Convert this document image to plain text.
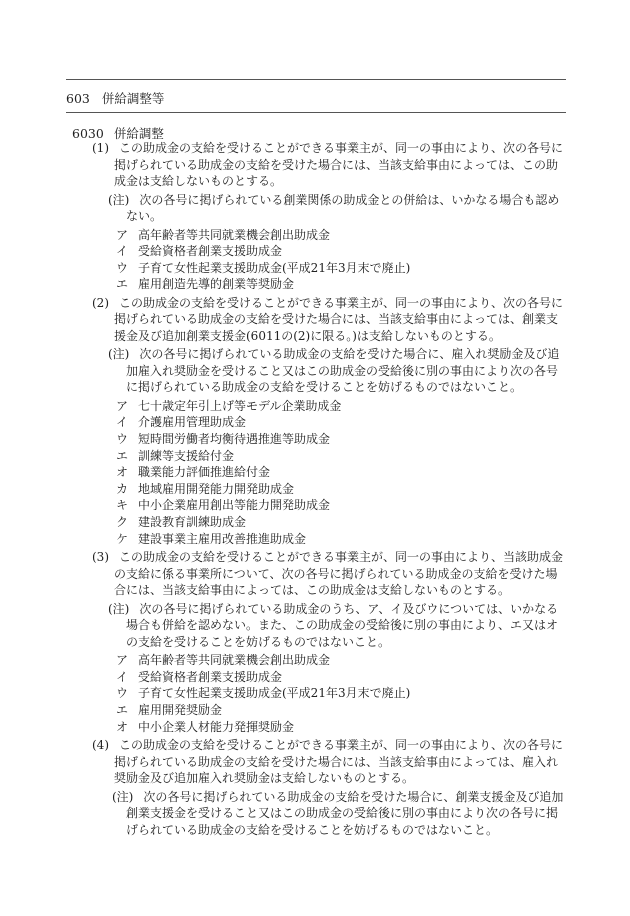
603 併給調整等
6030 併給調整

(1) この助成金の支給を受けることができる事業主が、同一の事由により、次の各号に掲げられている助成金の支給を受けた場合には、当該支給事由によっては、この助成金は支給しないものとする。

(注) 次の各号に掲げられている創業関係の助成金との併給は、いかなる場合も認めない。

ア 高年齢者等共同就業機会創出助成金
イ 受給資格者創業支援助成金
ウ 子育て女性起業支援助成金(平成21年3月末で廃止)
エ 雇用創造先導的創業等奨励金

(2) この助成金の支給を受けることができる事業主が、同一の事由により、次の各号に掲げられている助成金の支給を受けた場合には、当該支給事由によっては、創業支援金及び追加創業支援金(6011の(2)に限る。)は支給しないものとする。

(注) 次の各号に掲げられている助成金の支給を受けた場合に、雇入れ奨励金及び追加雇入れ奨励金を受けること又はこの助成金の受給後に別の事由により次の各号に掲げられている助成金の支給を受けることを妨げるものではないこと。

ア 七十歳定年引上げ等モデル企業助成金
イ 介護雇用管理助成金
ウ 短時間労働者均衡待遇推進等助成金
エ 訓練等支援給付金
オ 職業能力評価推進給付金
カ 地域雇用開発能力開発助成金
キ 中小企業雇用創出等能力開発助成金
ク 建設教育訓練助成金
ケ 建設事業主雇用改善推進助成金

(3) この助成金の支給を受けることができる事業主が、同一の事由により、当該助成金の支給に係る事業所について、次の各号に掲げられている助成金の支給を受けた場合には、当該支給事由によっては、この助成金は支給しないものとする。

(注) 次の各号に掲げられている助成金のうち、ア、イ及びウについては、いかなる場合も併給を認めない。また、この助成金の受給後に別の事由により、エ又はオの支給を受けることを妨げるものではないこと。

ア 高年齢者等共同就業機会創出助成金
イ 受給資格者創業支援助成金
ウ 子育て女性起業支援助成金(平成21年3月末で廃止)
エ 雇用開発奨励金
オ 中小企業人材能力発揮奨励金

(4) この助成金の支給を受けることができる事業主が、同一の事由により、次の各号に掲げられている助成金の支給を受けた場合には、当該支給事由によっては、雇入れ奨励金及び追加雇入れ奨励金は支給しないものとする。

(注) 次の各号に掲げられている助成金の支給を受けた場合に、創業支援金及び追加創業支援金を受けること又はこの助成金の受給後に別の事由により次の各号に掲げられている助成金の支給を受けることを妨げるものではないこと。
